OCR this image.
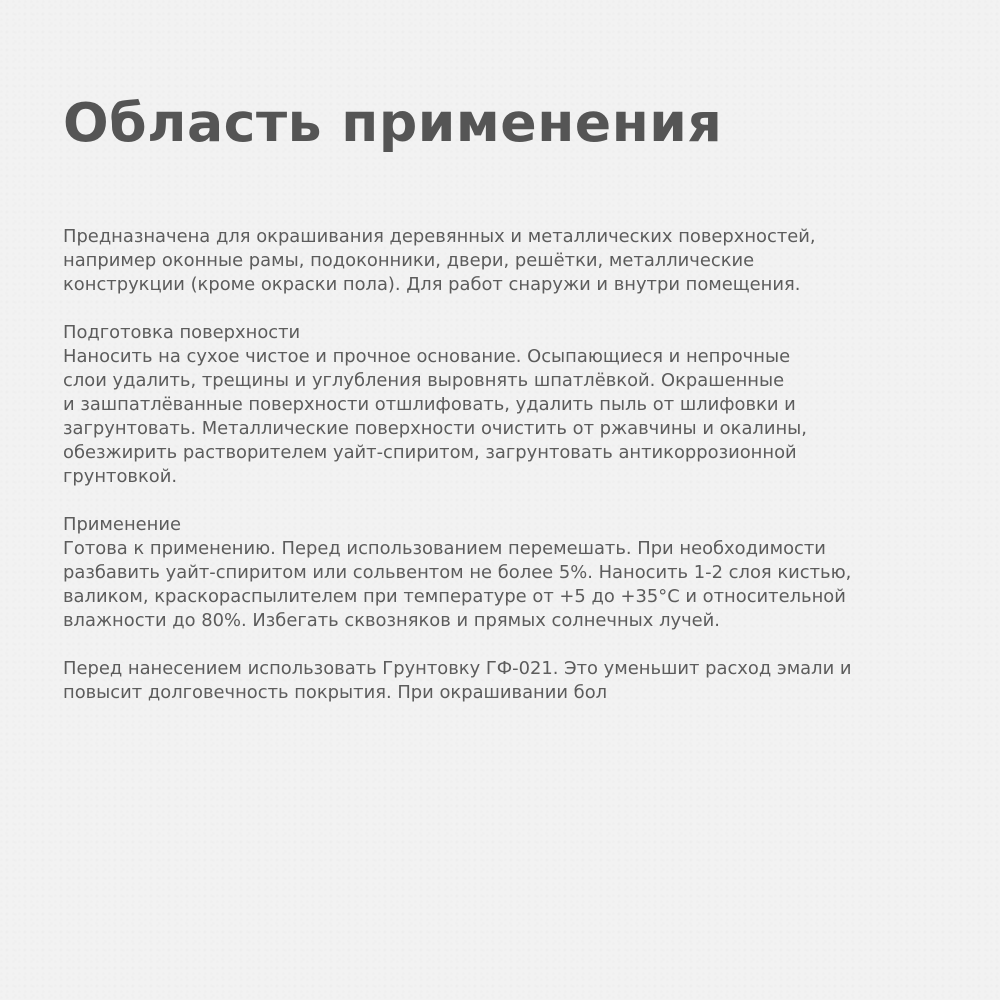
Область применения

Предназначена для окрашивания деревянных и металлических поверхностей,
например оконные рамы, подоконники, двери, решётки, металлические
конструкции (кроме окраски пола). Для работ снаружи и внутри помещения.

Подготовка поверхности
Наносить на сухое чистое и прочное основание. Осыпающиеся и непрочные
слои удалить, трещины и углубления выровнять шпатлёвкой. Окрашенные
и зашпатлёванные поверхности отшлифовать, удалить пыль от шлифовки и
загрунтовать. Металлические поверхности очистить от ржавчины и окалины,
обезжирить растворителем уайт-спиритом, загрунтовать антикоррозионной
грунтовкой.

Применение
Готова к применению. Перед использованием перемешать. При необходимости
разбавить уайт-спиритом или сольвентом не более 5%. Наносить 1-2 слоя кистью,
валиком, краскораспылителем при температуре от +5 до +35°С и относительной
влажности до 80%. Избегать сквозняков и прямых солнечных лучей.

Перед нанесением использовать Грунтовку ГФ-021. Это уменьшит расход эмали и
повысит долговечность покрытия. При окрашивании бол
